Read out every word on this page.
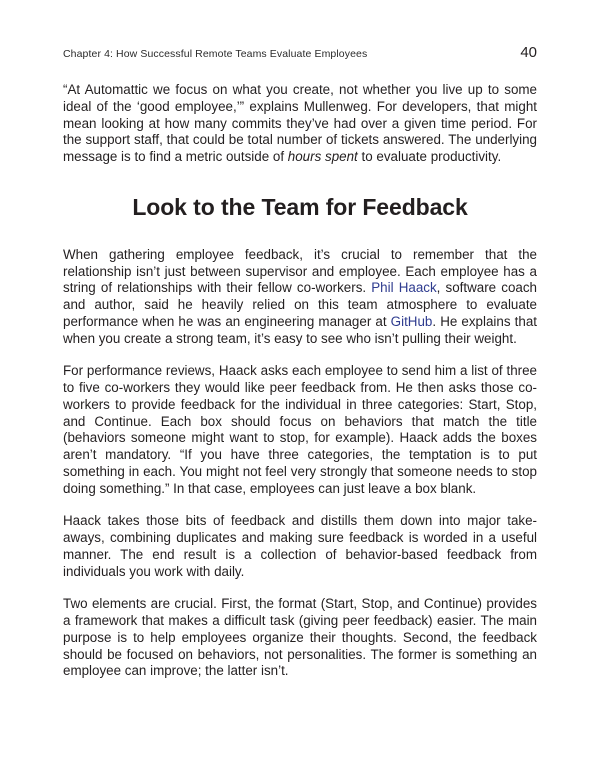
Chapter 4: How Successful Remote Teams Evaluate Employees	40

“At Automattic we focus on what you create, not whether you live up to some ideal of the ‘good employee,’” explains Mullenweg. For developers, that might mean looking at how many commits they’ve had over a given time period. For the support staff, that could be total number of tickets answered. The underlying message is to find a metric outside of hours spent to evaluate productivity.

Look to the Team for Feedback

When gathering employee feedback, it’s crucial to remember that the relationship isn’t just between supervisor and employee. Each employee has a string of relationships with their fellow co-workers. Phil Haack, software coach and author, said he heavily relied on this team atmosphere to evaluate performance when he was an engineering manager at GitHub. He explains that when you create a strong team, it’s easy to see who isn’t pulling their weight.

For performance reviews, Haack asks each employee to send him a list of three to five co-workers they would like peer feedback from. He then asks those co-workers to provide feedback for the individual in three categories: Start, Stop, and Continue. Each box should focus on behaviors that match the title (behaviors someone might want to stop, for example). Haack adds the boxes aren’t mandatory. “If you have three categories, the temptation is to put something in each. You might not feel very strongly that someone needs to stop doing something.” In that case, employees can just leave a box blank.

Haack takes those bits of feedback and distills them down into major take-aways, combining duplicates and making sure feedback is worded in a useful manner. The end result is a collection of behavior-based feedback from individuals you work with daily.

Two elements are crucial. First, the format (Start, Stop, and Continue) provides a framework that makes a difficult task (giving peer feedback) easier. The main purpose is to help employees organize their thoughts. Second, the feedback should be focused on behaviors, not personalities. The former is something an employee can improve; the latter isn’t.
